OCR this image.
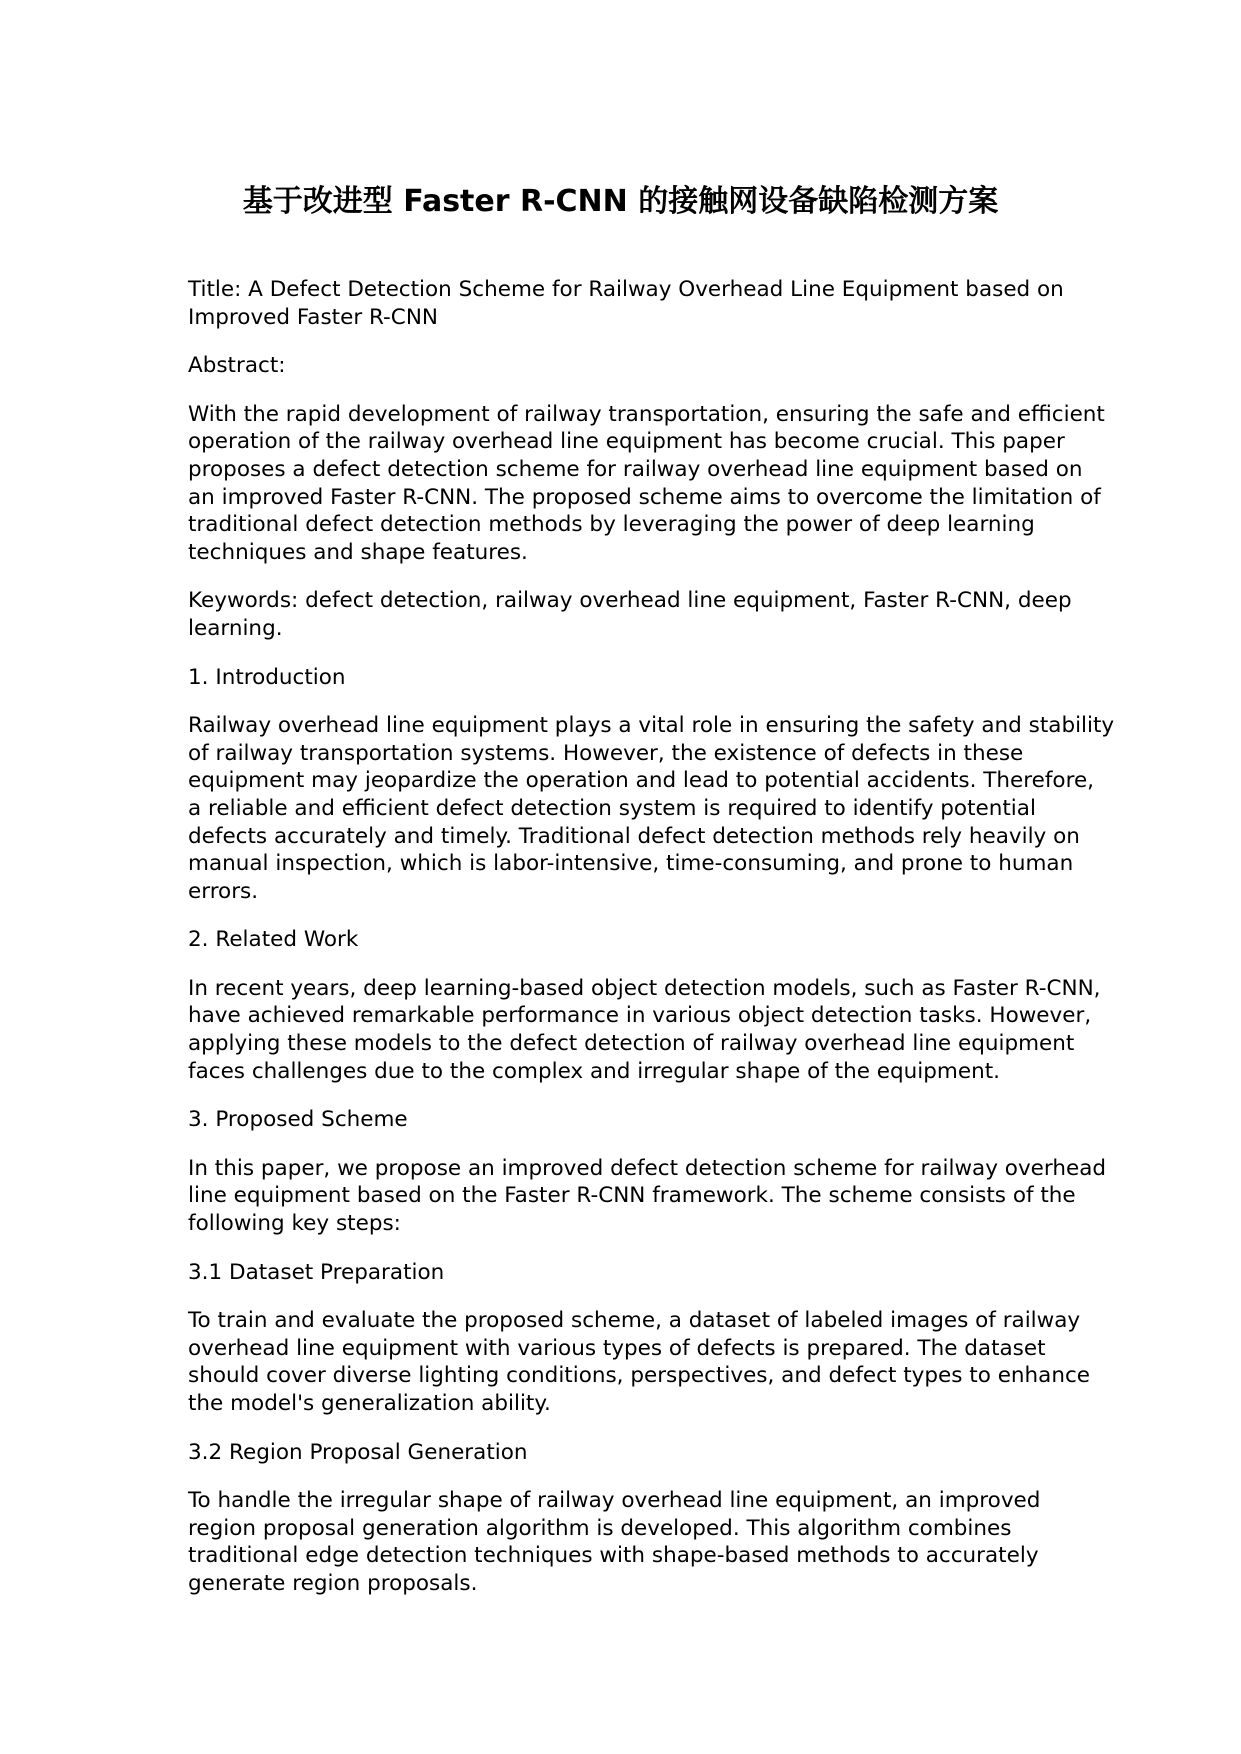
基于改进型 Faster R-CNN 的接触网设备缺陷检测方案

Title: A Defect Detection Scheme for Railway Overhead Line Equipment based on
Improved Faster R-CNN

Abstract:

With the rapid development of railway transportation, ensuring the safe and efficient
operation of the railway overhead line equipment has become crucial. This paper
proposes a defect detection scheme for railway overhead line equipment based on
an improved Faster R-CNN. The proposed scheme aims to overcome the limitation of
traditional defect detection methods by leveraging the power of deep learning
techniques and shape features.

Keywords: defect detection, railway overhead line equipment, Faster R-CNN, deep
learning.

1. Introduction

Railway overhead line equipment plays a vital role in ensuring the safety and stability
of railway transportation systems. However, the existence of defects in these
equipment may jeopardize the operation and lead to potential accidents. Therefore,
a reliable and efficient defect detection system is required to identify potential
defects accurately and timely. Traditional defect detection methods rely heavily on
manual inspection, which is labor-intensive, time-consuming, and prone to human
errors.

2. Related Work

In recent years, deep learning-based object detection models, such as Faster R-CNN,
have achieved remarkable performance in various object detection tasks. However,
applying these models to the defect detection of railway overhead line equipment
faces challenges due to the complex and irregular shape of the equipment.

3. Proposed Scheme

In this paper, we propose an improved defect detection scheme for railway overhead
line equipment based on the Faster R-CNN framework. The scheme consists of the
following key steps:

3.1 Dataset Preparation

To train and evaluate the proposed scheme, a dataset of labeled images of railway
overhead line equipment with various types of defects is prepared. The dataset
should cover diverse lighting conditions, perspectives, and defect types to enhance
the model's generalization ability.

3.2 Region Proposal Generation

To handle the irregular shape of railway overhead line equipment, an improved
region proposal generation algorithm is developed. This algorithm combines
traditional edge detection techniques with shape-based methods to accurately
generate region proposals.
